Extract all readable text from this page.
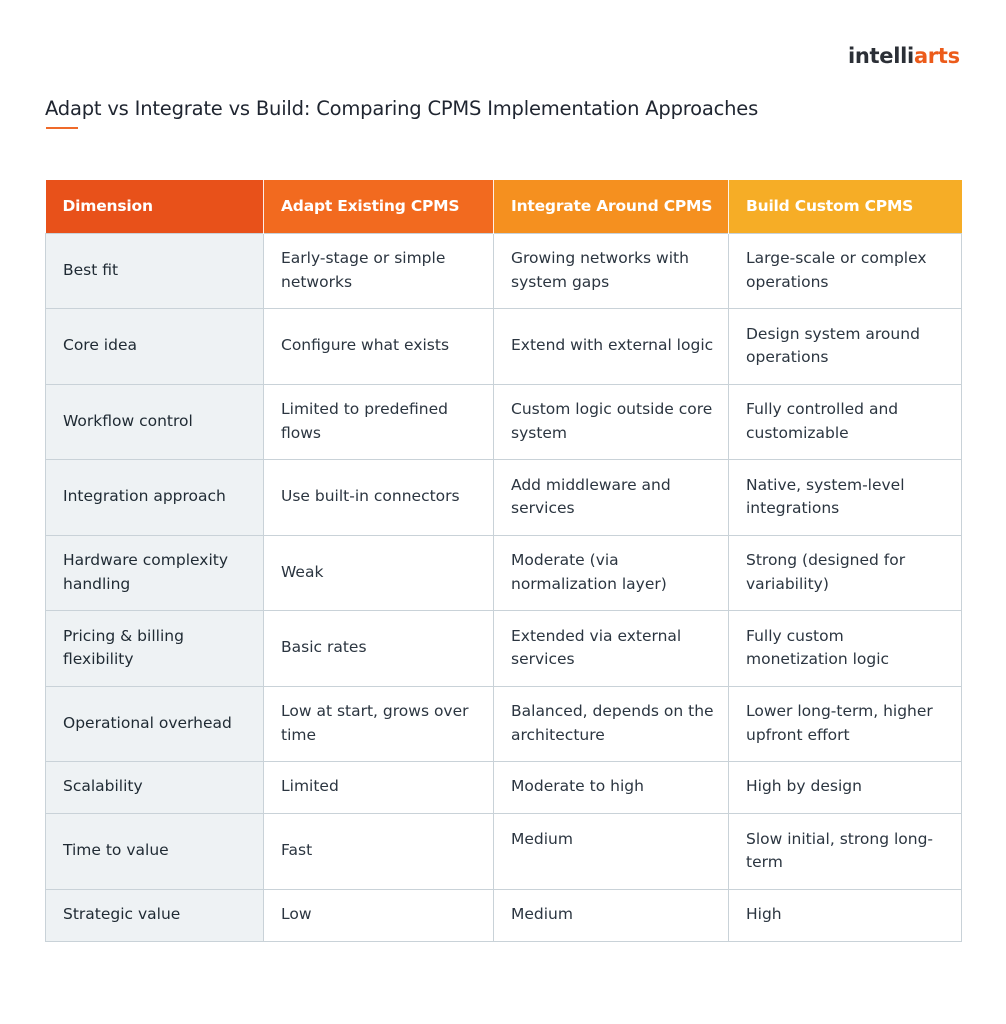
intelliarts
Adapt vs Integrate vs Build: Comparing CPMS Implementation Approaches
Dimension	Adapt Existing CPMS	Integrate Around CPMS	Build Custom CPMS
Best fit	Early-stage or simple networks	Growing networks with system gaps	Large-scale or complex operations
Core idea	Configure what exists	Extend with external logic	Design system around operations
Workflow control	Limited to predefined flows	Custom logic outside core system	Fully controlled and customizable
Integration approach	Use built-in connectors	Add middleware and services	Native, system-level integrations
Hardware complexity handling	Weak	Moderate (via normalization layer)	Strong (designed for variability)
Pricing & billing flexibility	Basic rates	Extended via external services	Fully custom monetization logic
Operational overhead	Low at start, grows over time	Balanced, depends on the architecture	Lower long-term, higher upfront effort
Scalability	Limited	Moderate to high	High by design
Time to value	Fast	Medium	Slow initial, strong long-term
Strategic value	Low	Medium	High
